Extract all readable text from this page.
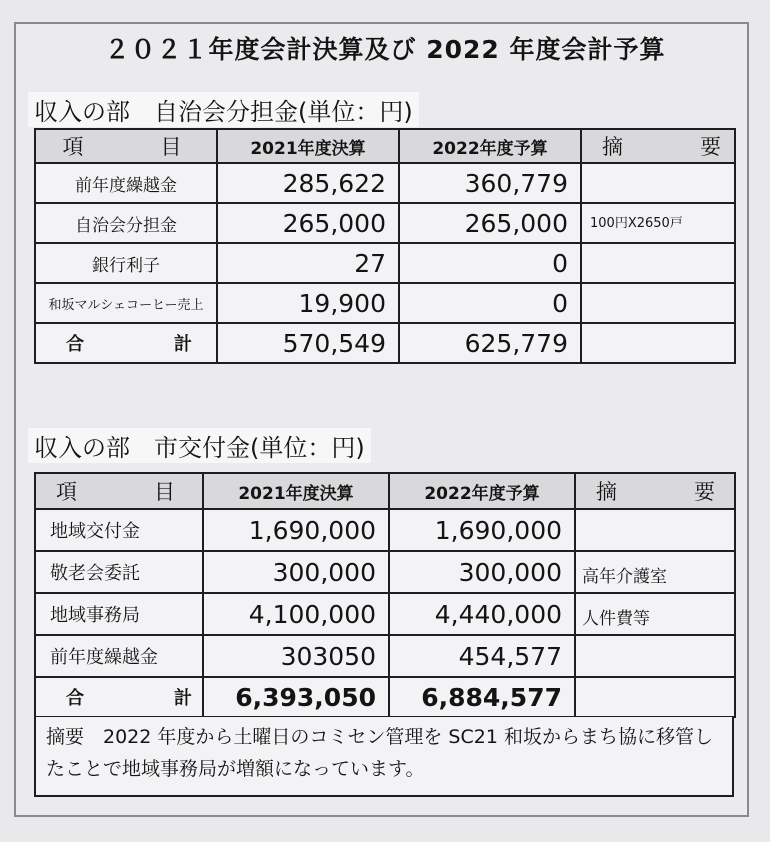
２０２１年度会計決算及び 2022 年度会計予算
収入の部　自治会分担金(単位：円)
項　目	2021年度決算	2022年度予算	摘　要
前年度繰越金	285,622	360,779	
自治会分担金	265,000	265,000	100円X2650戸
銀行利子	27	0	
和坂マルシェコーヒー売上	19,900	0	
合　計	570,549	625,779	
収入の部　市交付金(単位：円)
項　目	2021年度決算	2022年度予算	摘　要
地域交付金	1,690,000	1,690,000	
敬老会委託	300,000	300,000	高年介護室
地域事務局	4,100,000	4,440,000	人件費等
前年度繰越金	303050	454,577	
合　計	6,393,050	6,884,577	
摘要　2022 年度から土曜日のコミセン管理を SC21 和坂からまち協に移管したことで地域事務局が増額になっています。
